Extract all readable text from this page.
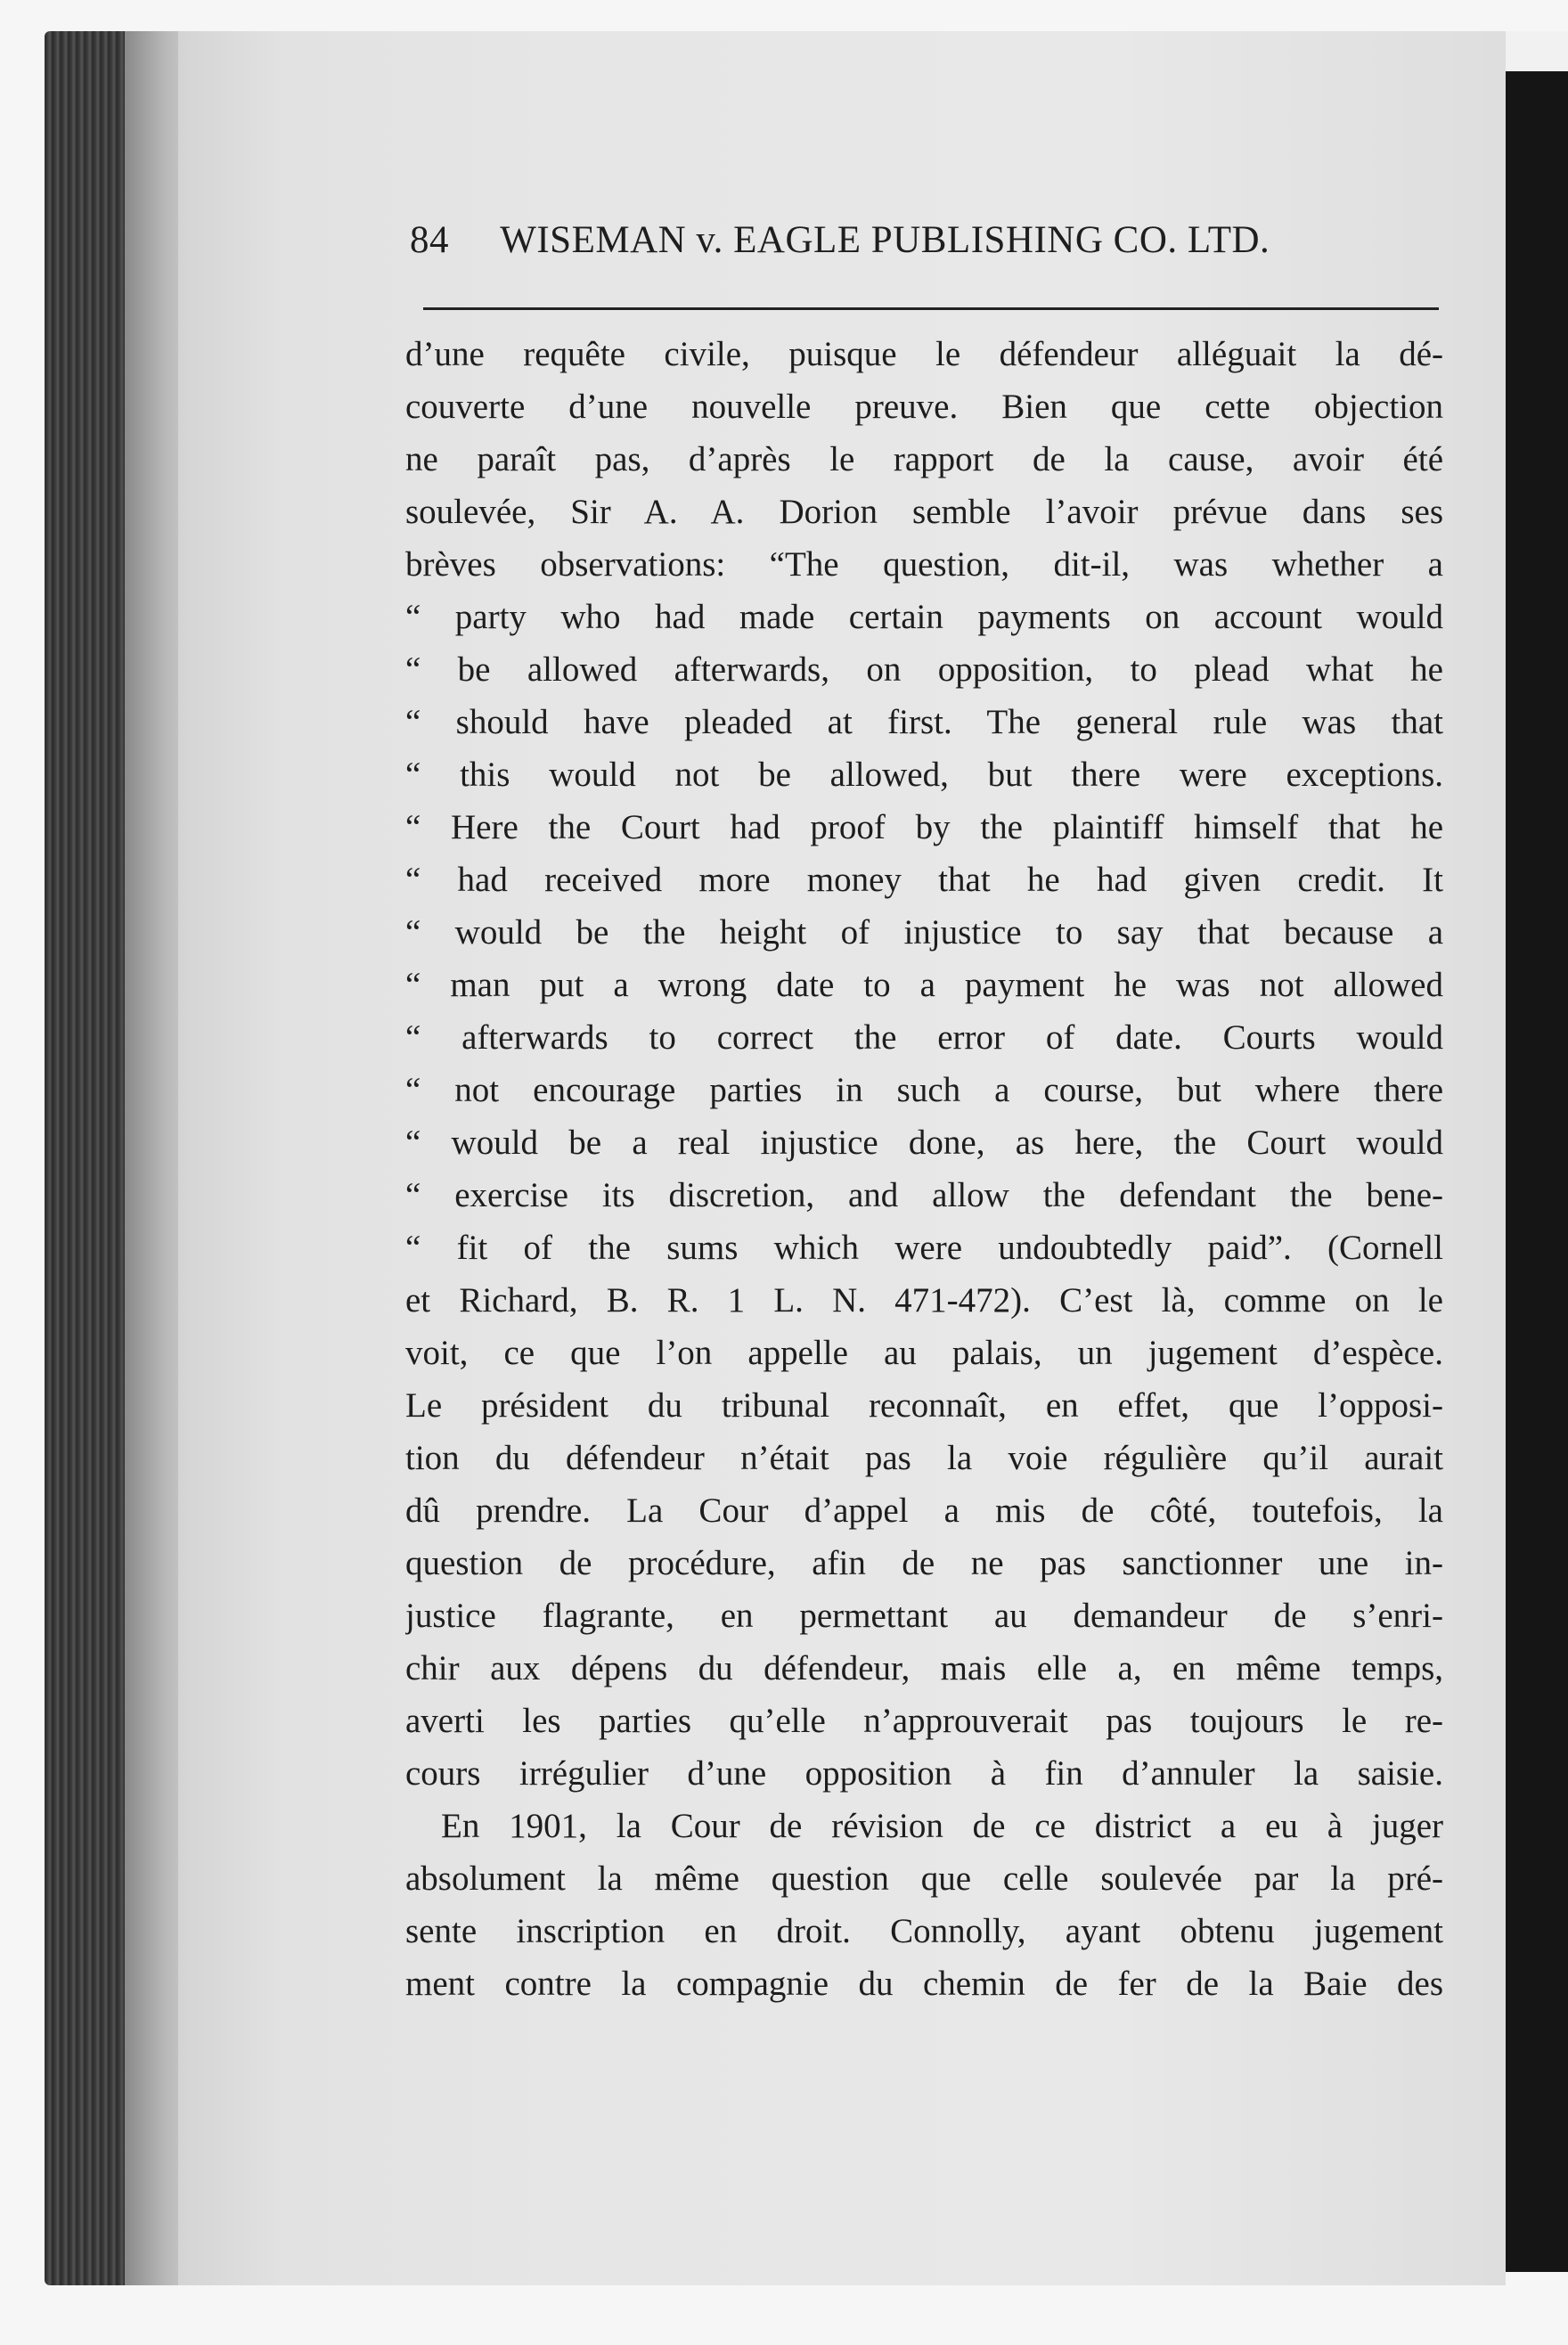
84 WISEMAN v. EAGLE PUBLISHING CO. LTD.
d’une requête civile, puisque le défendeur alléguait la dé-
couverte d’une nouvelle preuve. Bien que cette objection
ne paraît pas, d’après le rapport de la cause, avoir été
soulevée, Sir A. A. Dorion semble l’avoir prévue dans ses
brèves observations: “The question, dit-il, was whether a
“ party who had made certain payments on account would
“ be allowed afterwards, on opposition, to plead what he
“ should have pleaded at first. The general rule was that
“ this would not be allowed, but there were exceptions.
“ Here the Court had proof by the plaintiff himself that he
“ had received more money that he had given credit. It
“ would be the height of injustice to say that because a
“ man put a wrong date to a payment he was not allowed
“ afterwards to correct the error of date. Courts would
“ not encourage parties in such a course, but where there
“ would be a real injustice done, as here, the Court would
“ exercise its discretion, and allow the defendant the bene-
“ fit of the sums which were undoubtedly paid”. (Cornell
et Richard, B. R. 1 L. N. 471-472). C’est là, comme on le
voit, ce que l’on appelle au palais, un jugement d’espèce.
Le président du tribunal reconnaît, en effet, que l’opposi-
tion du défendeur n’était pas la voie régulière qu’il aurait
dû prendre. La Cour d’appel a mis de côté, toutefois, la
question de procédure, afin de ne pas sanctionner une in-
justice flagrante, en permettant au demandeur de s’enri-
chir aux dépens du défendeur, mais elle a, en même temps,
averti les parties qu’elle n’approuverait pas toujours le re-
cours irrégulier d’une opposition à fin d’annuler la saisie.
En 1901, la Cour de révision de ce district a eu à juger
absolument la même question que celle soulevée par la pré-
sente inscription en droit. Connolly, ayant obtenu jugement
ment contre la compagnie du chemin de fer de la Baie des
